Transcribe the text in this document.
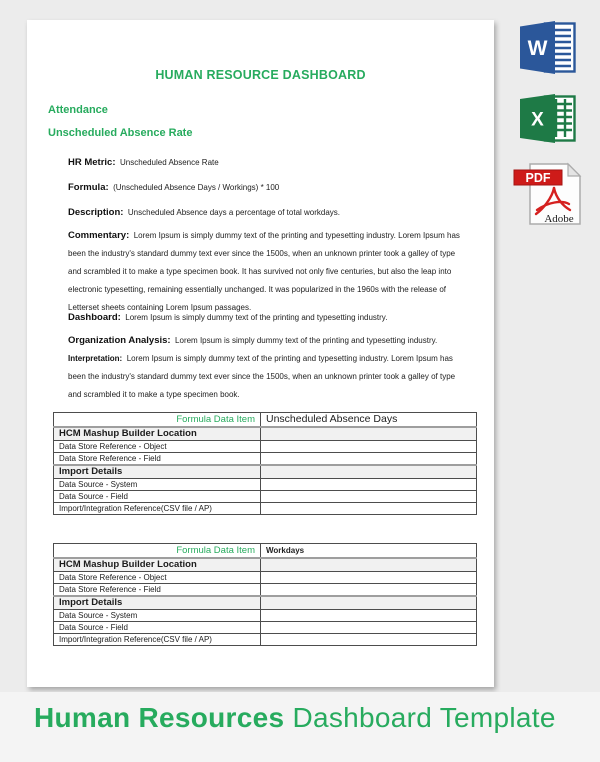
HUMAN RESOURCE DASHBOARD
Attendance
Unscheduled Absence Rate
HR Metric: Unscheduled Absence Rate
Formula: (Unscheduled Absence Days / Workings) * 100
Description: Unscheduled Absence days a percentage of total workdays.
Commentary: Lorem Ipsum is simply dummy text of the printing and typesetting industry. Lorem Ipsum has been the industry's standard dummy text ever since the 1500s, when an unknown printer took a galley of type and scrambled it to make a type specimen book. It has survived not only five centuries, but also the leap into electronic typesetting, remaining essentially unchanged. It was popularized in the 1960s with the release of Letterset sheets containing Lorem Ipsum passages.
Dashboard: Lorem Ipsum is simply dummy text of the printing and typesetting industry.
Organization Analysis: Lorem Ipsum is simply dummy text of the printing and typesetting industry.
Interpretation: Lorem Ipsum is simply dummy text of the printing and typesetting industry. Lorem Ipsum has been the industry's standard dummy text ever since the 1500s, when an unknown printer took a galley of type and scrambled it to make a type specimen book.
Formula Data Item	Unscheduled Absence Days
HCM Mashup Builder Location	
Data Store Reference - Object	
Data Store Reference - Field	
Import Details	
Data Source - System	
Data Source - Field	
Import/Integration Reference(CSV file / AP)	
Formula Data Item	Workdays
HCM Mashup Builder Location	
Data Store Reference - Object	
Data Store Reference - Field	
Import Details	
Data Source - System	
Data Source - Field	
Import/Integration Reference(CSV file / AP)	
W
X
PDF
Adobe
Human Resources Dashboard Template
